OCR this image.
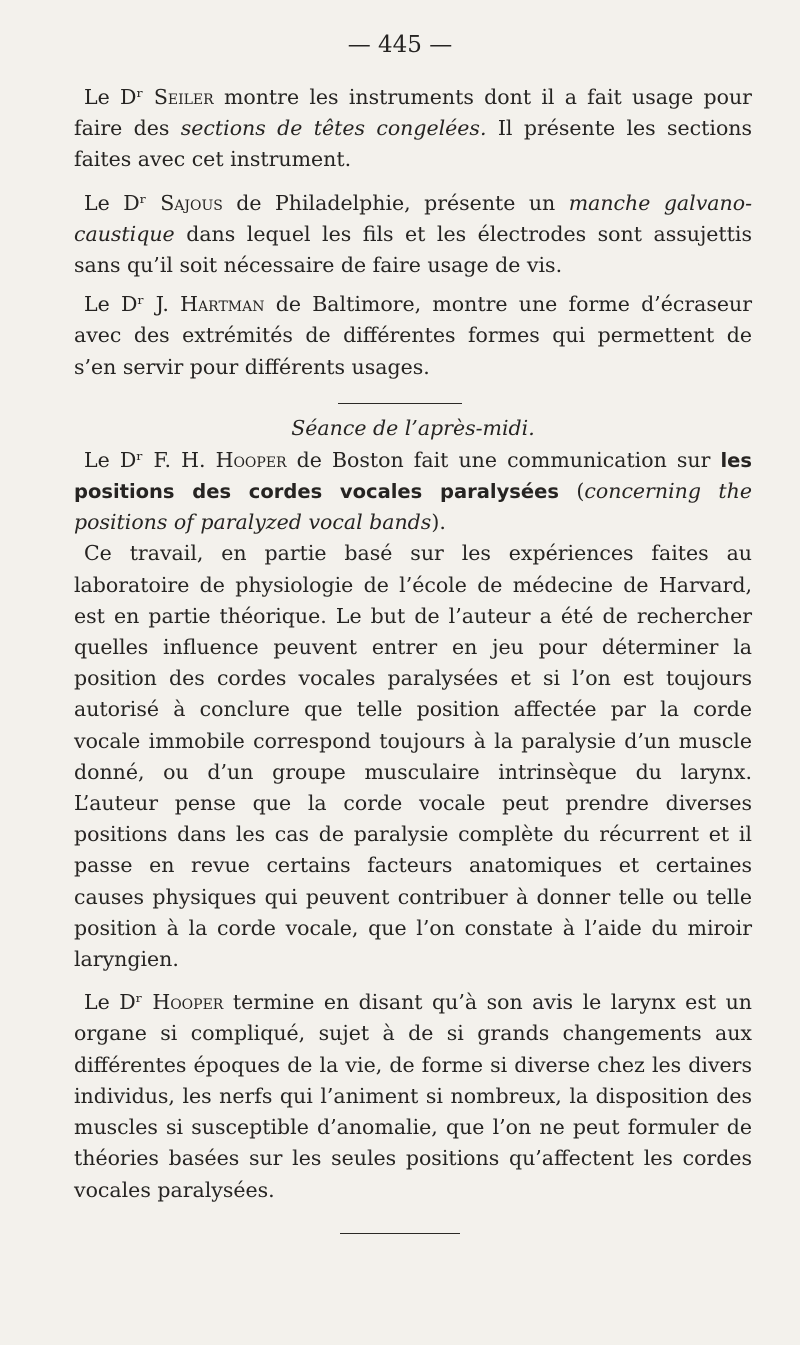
— 445 —

Le Dʳ Seiler montre les instruments dont il a fait usage pour faire des sections de têtes congelées. Il présente les sections faites avec cet instrument.

Le Dʳ Sajous de Philadelphie, présente un manche galvano-caustique dans lequel les fils et les électrodes sont assujettis sans qu’il soit nécessaire de faire usage de vis.

Le Dʳ J. Hartman de Baltimore, montre une forme d’écraseur avec des extrémités de différentes formes qui permettent de s’en servir pour différents usages.

Séance de l’après-midi.

Le Dʳ F. H. Hooper de Boston fait une communication sur les positions des cordes vocales paralysées (concerning the positions of paralyzed vocal bands).

Ce travail, en partie basé sur les expériences faites au laboratoire de physiologie de l’école de médecine de Harvard, est en partie théorique. Le but de l’auteur a été de rechercher quelles influence peuvent entrer en jeu pour déterminer la position des cordes vocales paralysées et si l’on est toujours autorisé à conclure que telle position affectée par la corde vocale immobile correspond toujours à la paralysie d’un muscle donné, ou d’un groupe musculaire intrinsèque du larynx. L’auteur pense que la corde vocale peut prendre diverses positions dans les cas de paralysie complète du récurrent et il passe en revue certains facteurs anatomiques et certaines causes physiques qui peuvent contribuer à donner telle ou telle position à la corde vocale, que l’on constate à l’aide du miroir laryngien.

Le Dʳ Hooper termine en disant qu’à son avis le larynx est un organe si compliqué, sujet à de si grands changements aux différentes époques de la vie, de forme si diverse chez les divers individus, les nerfs qui l’animent si nombreux, la disposition des muscles si susceptible d’anomalie, que l’on ne peut formuler de théories basées sur les seules positions qu’affectent les cordes vocales paralysées.
